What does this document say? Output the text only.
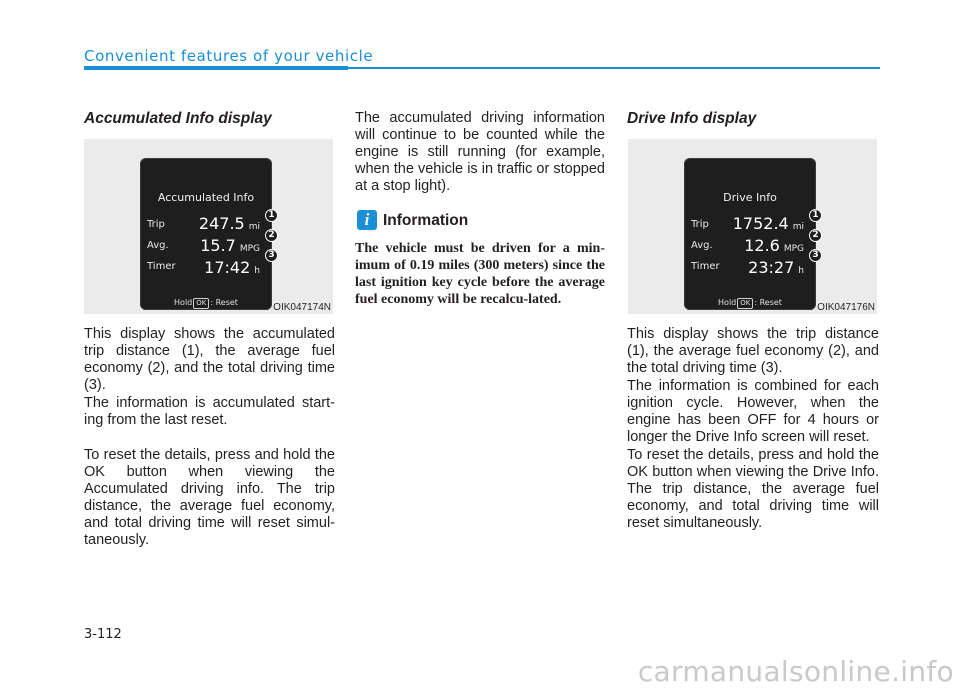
Convenient features of your vehicle
Accumulated Info display
Accumulated Info
Trip 247.5 mi
Avg. 15.7 MPG
Timer 17:42 h
Hold OK : Reset
1
2
3
OIK047174N
This display shows the accumulated trip distance (1), the average fuel economy (2), and the total driving time (3).
The information is accumulated start-ing from the last reset.
To reset the details, press and hold the OK button when viewing the Accumulated driving info. The trip distance, the average fuel economy, and total driving time will reset simul-taneously.
The accumulated driving information will continue to be counted while the engine is still running (for example, when the vehicle is in traffic or stopped at a stop light).
i Information
The vehicle must be driven for a min-imum of 0.19 miles (300 meters) since the last ignition key cycle before the average fuel economy will be recalcu-lated.
Drive Info display
Drive Info
Trip 1752.4 mi
Avg. 12.6 MPG
Timer 23:27 h
Hold OK : Reset
1
2
3
OIK047176N
This display shows the trip distance (1), the average fuel economy (2), and the total driving time (3).
The information is combined for each ignition cycle. However, when the engine has been OFF for 4 hours or longer the Drive Info screen will reset.
To reset the details, press and hold the OK button when viewing the Drive Info. The trip distance, the average fuel economy, and total driving time will reset simultaneously.
3-112
carmanualsonline.info
